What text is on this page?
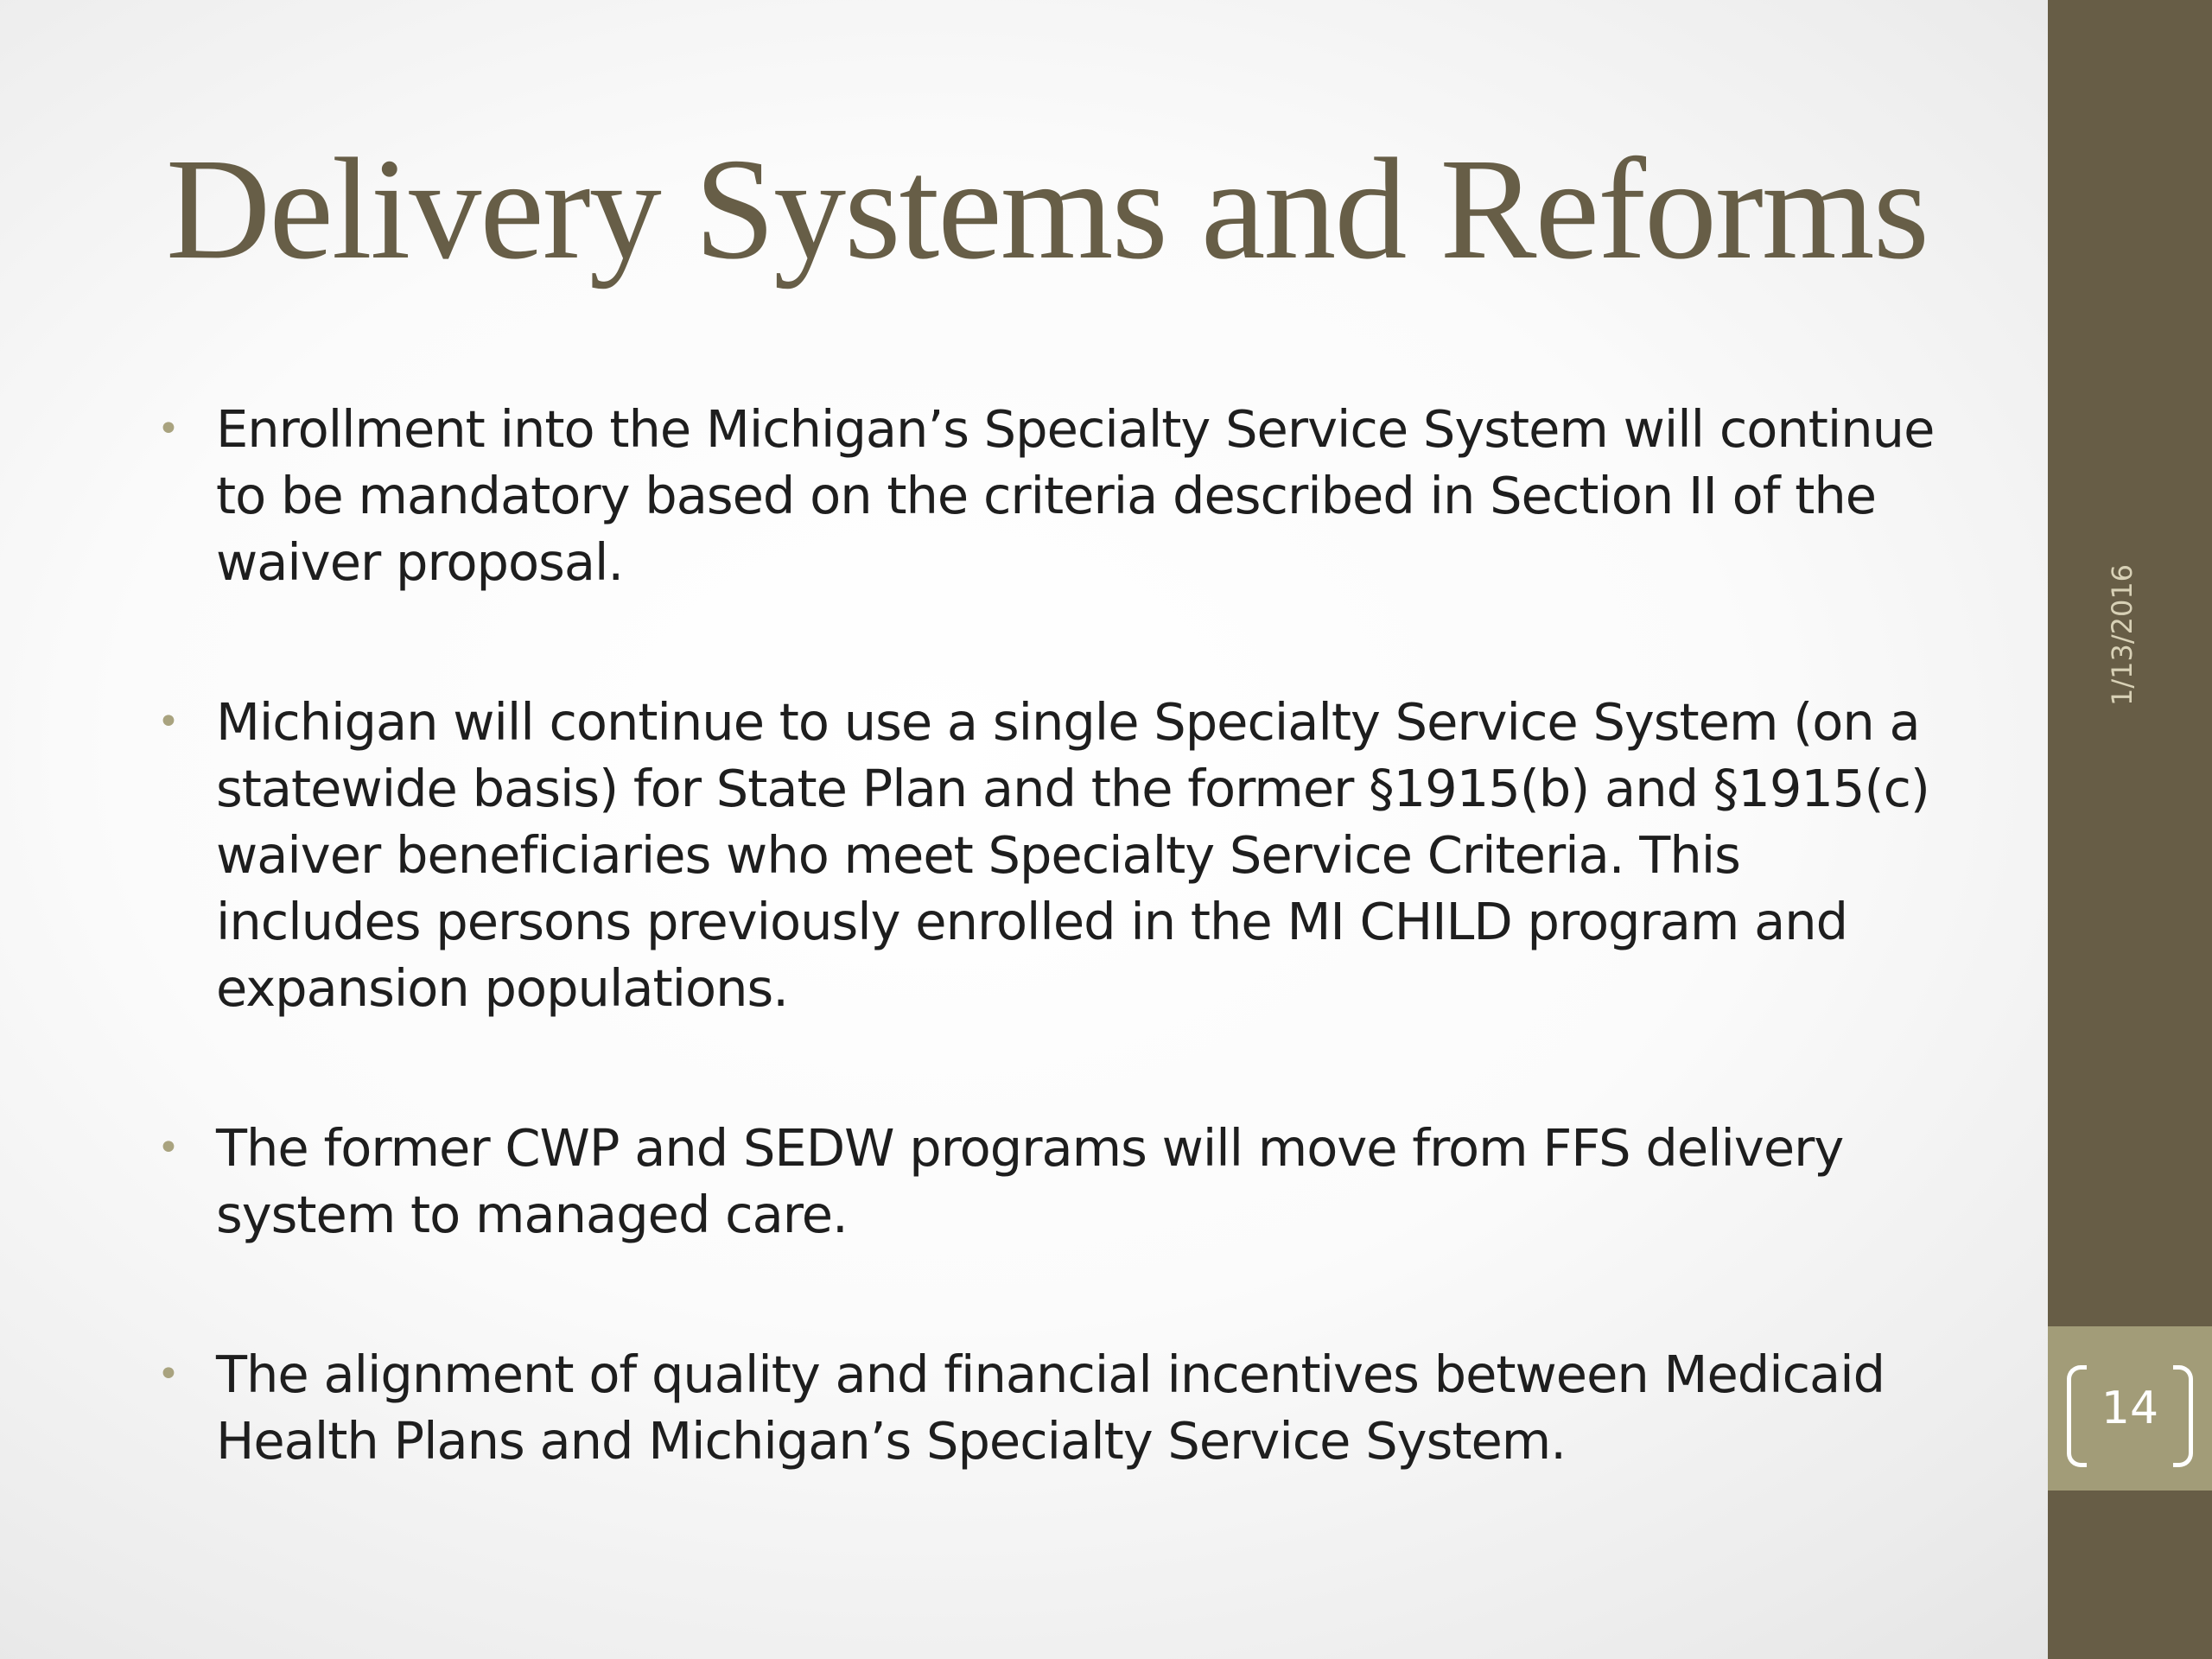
Delivery Systems and Reforms
• Enrollment into the Michigan’s Specialty Service System will continue to be mandatory based on the criteria described in Section II of the waiver proposal.
• Michigan will continue to use a single Specialty Service System (on a statewide basis) for State Plan and the former §1915(b) and §1915(c) waiver beneficiaries who meet Specialty Service Criteria. This includes persons previously enrolled in the MI CHILD program and expansion populations.
• The former CWP and SEDW programs will move from FFS delivery system to managed care.
• The alignment of quality and financial incentives between Medicaid Health Plans and Michigan’s Specialty Service System.
1/13/2016
14
